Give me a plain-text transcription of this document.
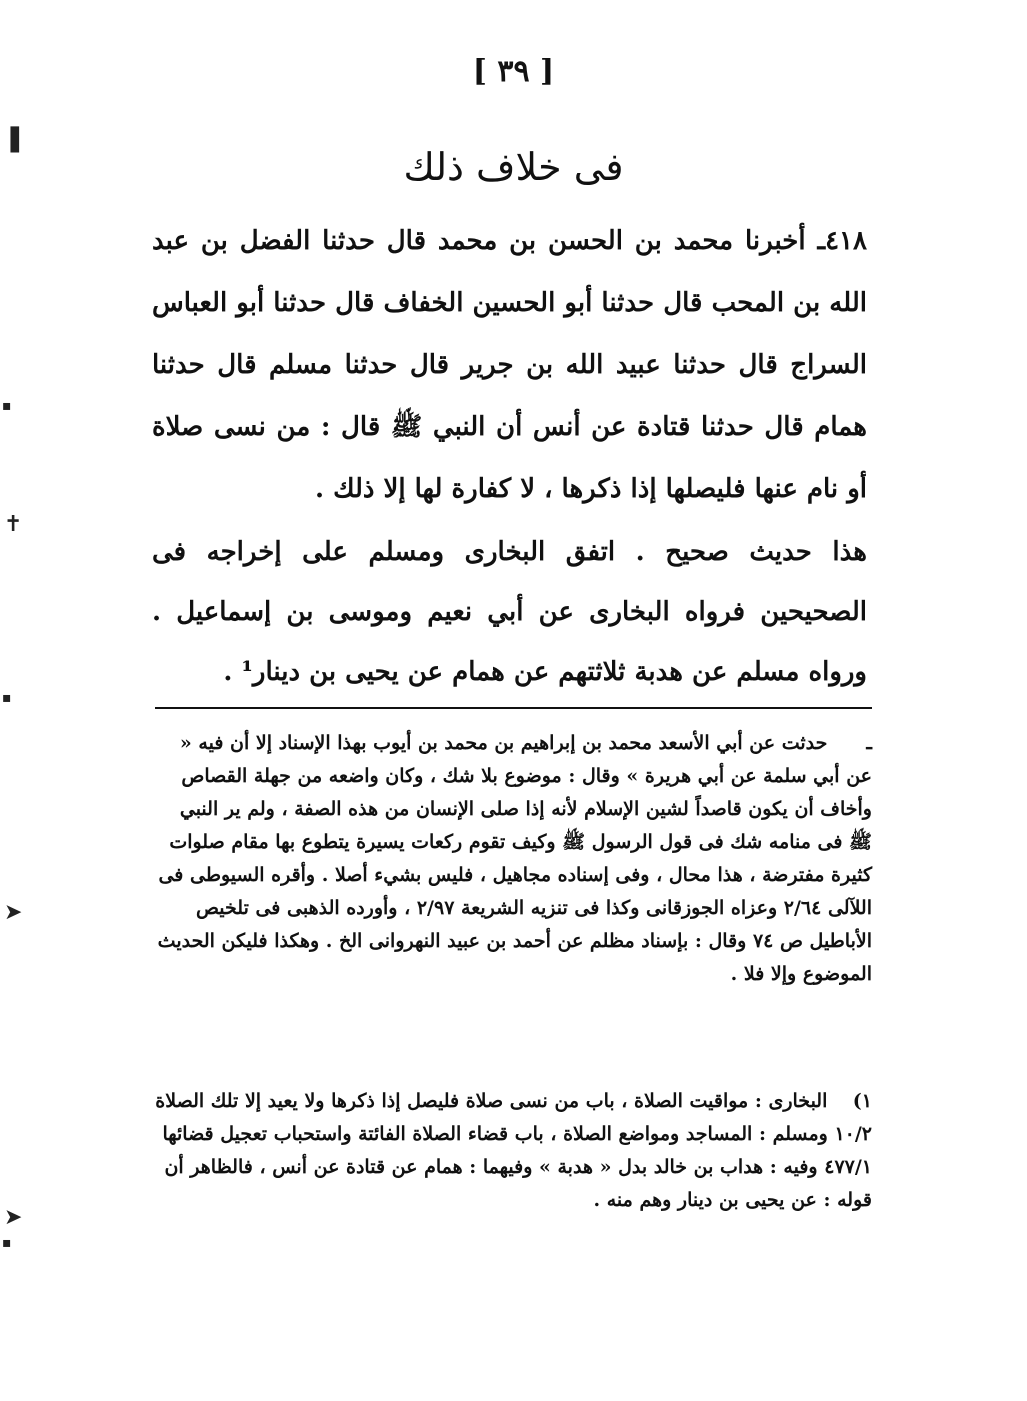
[ ٣٩ ]
فى خلاف ذلك
٤١٨ـ أخبرنا محمد بن الحسن بن محمد قال حدثنا الفضل بن عبد الله بن المحب قال حدثنا أبو الحسين الخفاف قال حدثنا أبو العباس السراج قال حدثنا عبيد الله بن جرير قال حدثنا مسلم قال حدثنا همام قال حدثنا قتادة عن أنس أن النبي ﷺ قال : من نسى صلاة أو نام عنها فليصلها إذا ذكرها ، لا كفارة لها إلا ذلك .
هذا حديث صحيح . اتفق البخارى ومسلم على إخراجه فى الصحيحين فرواه البخارى عن أبي نعيم وموسى بن إسماعيل . ورواه مسلم عن هدبة ثلاثتهم عن همام عن يحيى بن دينار¹ .
ـ حدثت عن أبي الأسعد محمد بن إبراهيم بن محمد بن أيوب بهذا الإسناد إلا أن فيه « عن أبي سلمة عن أبي هريرة » وقال : موضوع بلا شك ، وكان واضعه من جهلة القصاص وأخاف أن يكون قاصداً لشين الإسلام لأنه إذا صلى الإنسان من هذه الصفة ، ولم ير النبي ﷺ فى منامه شك فى قول الرسول ﷺ وكيف تقوم ركعات يسيرة يتطوع بها مقام صلوات كثيرة مفترضة ، هذا محال ، وفى إسناده مجاهيل ، فليس بشيء أصلا . وأقره السيوطى فى اللآلى ٢/٦٤ وعزاه الجوزقانى وكذا فى تنزيه الشريعة ٢/٩٧ ، وأورده الذهبى فى تلخيص الأباطيل ص ٧٤ وقال : بإسناد مظلم عن أحمد بن عبيد النهروانى الخ . وهكذا فليكن الحديث الموضوع وإلا فلا .
١) البخارى : مواقيت الصلاة ، باب من نسى صلاة فليصل إذا ذكرها ولا يعيد إلا تلك الصلاة ١٠/٢ ومسلم : المساجد ومواضع الصلاة ، باب قضاء الصلاة الفائتة واستحباب تعجيل قضائها ٤٧٧/١ وفيه : هداب بن خالد بدل « هدبة » وفيهما : همام عن قتادة عن أنس ، فالظاهر أن قوله : عن يحيى بن دينار وهم منه .
▐
▪
✝
▪
➤
➤
▪
